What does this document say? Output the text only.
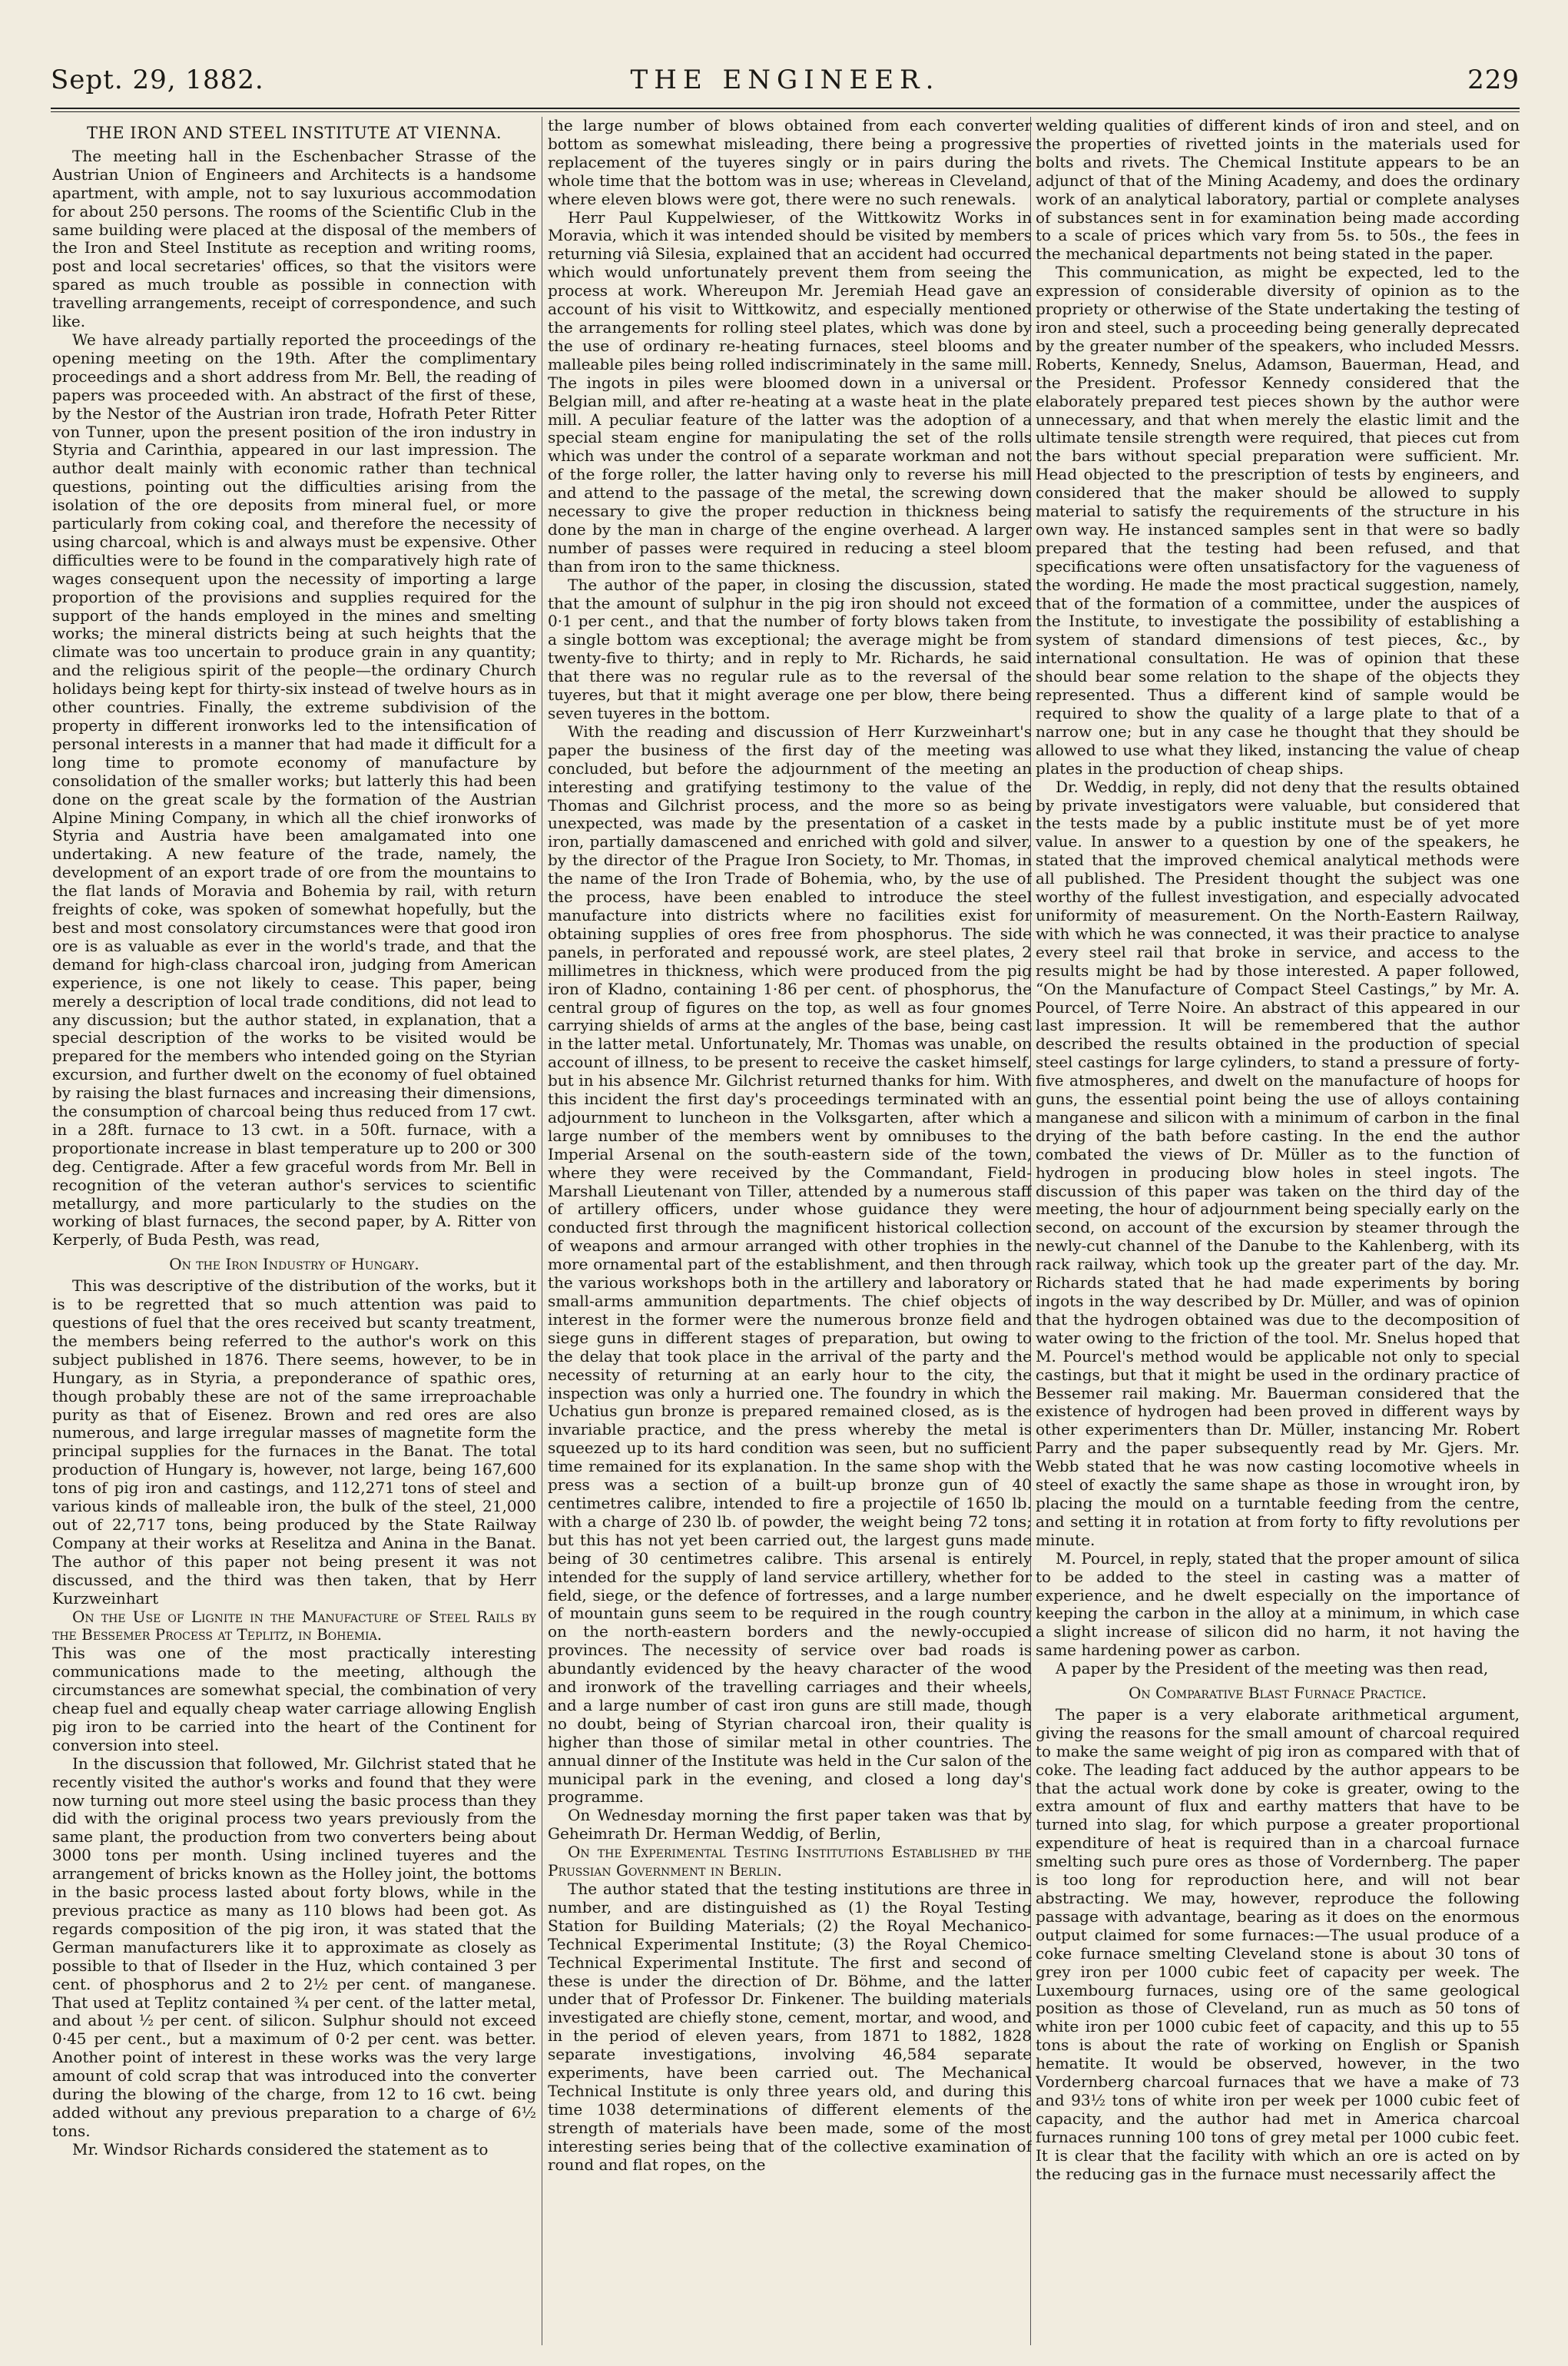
Sept. 29, 1882.	THE ENGINEER.	229
THE IRON AND STEEL INSTITUTE AT VIENNA.

The meeting hall in the Eschenbacher Strasse of the Austrian Union of Engineers and Architects is a handsome apartment, with ample, not to say luxurious accommodation for about 250 persons. The rooms of the Scientific Club in the same building were placed at the disposal of the members of the Iron and Steel Institute as reception and writing rooms, post and local secretaries' offices, so that the visitors were spared as much trouble as possible in connection with travelling arrangements, receipt of correspondence, and such like.

We have already partially reported the proceedings of the opening meeting on the 19th. After the complimentary proceedings and a short address from Mr. Bell, the reading of papers was proceeded with. An abstract of the first of these, by the Nestor of the Austrian iron trade, Hofrath Peter Ritter von Tunner, upon the present position of the iron industry in Styria and Carinthia, appeared in our last impression. The author dealt mainly with economic rather than technical questions, pointing out the difficulties arising from the isolation of the ore deposits from mineral fuel, or more particularly from coking coal, and therefore the necessity of using charcoal, which is and always must be expensive. Other difficulties were to be found in the comparatively high rate of wages consequent upon the necessity of importing a large proportion of the provisions and supplies required for the support of the hands employed in the mines and smelting works; the mineral districts being at such heights that the climate was too uncertain to produce grain in any quantity; and the religious spirit of the people—the ordinary Church holidays being kept for thirty-six instead of twelve hours as in other countries. Finally, the extreme subdivision of the property in different ironworks led to the intensification of personal interests in a manner that had made it difficult for a long time to promote economy of manufacture by consolidation of the smaller works; but latterly this had been done on the great scale by the formation of the Austrian Alpine Mining Company, in which all the chief ironworks of Styria and Austria have been amalgamated into one undertaking. A new feature of the trade, namely, the development of an export trade of ore from the mountains to the flat lands of Moravia and Bohemia by rail, with return freights of coke, was spoken of somewhat hopefully, but the best and most consolatory circumstances were that good iron ore is as valuable as ever in the world's trade, and that the demand for high-class charcoal iron, judging from American experience, is one not likely to cease. This paper, being merely a description of local trade conditions, did not lead to any discussion; but the author stated, in explanation, that a special description of the works to be visited would be prepared for the members who intended going on the Styrian excursion, and further dwelt on the economy of fuel obtained by raising the blast furnaces and increasing their dimensions, the consumption of charcoal being thus reduced from 17 cwt. in a 28ft. furnace to 13 cwt. in a 50ft. furnace, with a proportionate increase in blast temperature up to 200 or 300 deg. Centigrade. After a few graceful words from Mr. Bell in recognition of the veteran author's services to scientific metallurgy, and more particularly to the studies on the working of blast furnaces, the second paper, by A. Ritter von Kerperly, of Buda Pesth, was read,

On the Iron Industry of Hungary.

This was descriptive of the distribution of the works, but it is to be regretted that so much attention was paid to questions of fuel that the ores received but scanty treatment, the members being referred to the author's work on this subject published in 1876. There seems, however, to be in Hungary, as in Styria, a preponderance of spathic ores, though probably these are not of the same irreproachable purity as that of Eisenez. Brown and red ores are also numerous, and large irregular masses of magnetite form the principal supplies for the furnaces in the Banat. The total production of Hungary is, however, not large, being 167,600 tons of pig iron and castings, and 112,271 tons of steel and various kinds of malleable iron, the bulk of the steel, 21,000 out of 22,717 tons, being produced by the State Railway Company at their works at Reselitza and Anina in the Banat. The author of this paper not being present it was not discussed, and the third was then taken, that by Herr Kurzweinhart

On the Use of Lignite in the Manufacture of Steel Rails by the Bessemer Process at Teplitz, in Bohemia.

This was one of the most practically interesting communications made to the meeting, although the circumstances are somewhat special, the combination of very cheap fuel and equally cheap water carriage allowing English pig iron to be carried into the heart of the Continent for conversion into steel.

In the discussion that followed, Mr. Gilchrist stated that he recently visited the author's works and found that they were now turning out more steel using the basic process than they did with the original process two years previously from the same plant, the production from two converters being about 3000 tons per month. Using inclined tuyeres and the arrangement of bricks known as the Holley joint, the bottoms in the basic process lasted about forty blows, while in the previous practice as many as 110 blows had been got. As regards composition of the pig iron, it was stated that the German manufacturers like it to approximate as closely as possible to that of Ilseder in the Huz, which contained 3 per cent. of phosphorus and 2 to 2½ per cent. of manganese. That used at Teplitz contained ¾ per cent. of the latter metal, and about ½ per cent. of silicon. Sulphur should not exceed 0·45 per cent., but a maximum of 0·2 per cent. was better. Another point of interest in these works was the very large amount of cold scrap that was introduced into the converter during the blowing of the charge, from 12 to 16 cwt. being added without any previous preparation to a charge of 6½ tons.

Mr. Windsor Richards considered the statement as to

the large number of blows obtained from each converter bottom as somewhat misleading, there being a progressive replacement of the tuyeres singly or in pairs during the whole time that the bottom was in use; whereas in Cleveland, where eleven blows were got, there were no such renewals.

Herr Paul Kuppelwieser, of the Wittkowitz Works in Moravia, which it was intended should be visited by members returning viâ Silesia, explained that an accident had occurred which would unfortunately prevent them from seeing the process at work. Whereupon Mr. Jeremiah Head gave an account of his visit to Wittkowitz, and especially mentioned the arrangements for rolling steel plates, which was done by the use of ordinary re-heating furnaces, steel blooms and malleable piles being rolled indiscriminately in the same mill. The ingots in piles were bloomed down in a universal or Belgian mill, and after re-heating at a waste heat in the plate mill. A peculiar feature of the latter was the adoption of a special steam engine for manipulating the set of the rolls which was under the control of a separate workman and not of the forge roller, the latter having only to reverse his mill and attend to the passage of the metal, the screwing down necessary to give the proper reduction in thickness being done by the man in charge of the engine overhead. A larger number of passes were required in reducing a steel bloom than from iron to the same thickness.

The author of the paper, in closing the discussion, stated that the amount of sulphur in the pig iron should not exceed 0·1 per cent., and that the number of forty blows taken from a single bottom was exceptional; the average might be from twenty-five to thirty; and in reply to Mr. Richards, he said that there was no regular rule as to the reversal of the tuyeres, but that it might average one per blow, there being seven tuyeres in the bottom.

With the reading and discussion of Herr Kurzweinhart's paper the business of the first day of the meeting was concluded, but before the adjournment of the meeting an interesting and gratifying testimony to the value of the Thomas and Gilchrist process, and the more so as being unexpected, was made by the presentation of a casket in iron, partially damascened and enriched with gold and silver, by the director of the Prague Iron Society, to Mr. Thomas, in the name of the Iron Trade of Bohemia, who, by the use of the process, have been enabled to introduce the steel manufacture into districts where no facilities exist for obtaining supplies of ores free from phosphorus. The side panels, in perforated and repoussé work, are steel plates, 2 millimetres in thickness, which were produced from the pig iron of Kladno, containing 1·86 per cent. of phosphorus, the central group of figures on the top, as well as four gnomes carrying shields of arms at the angles of the base, being cast in the latter metal. Unfortunately, Mr. Thomas was unable, on account of illness, to be present to receive the casket himself, but in his absence Mr. Gilchrist returned thanks for him. With this incident the first day's proceedings terminated with an adjournment to luncheon in the Volksgarten, after which a large number of the members went by omnibuses to the Imperial Arsenal on the south-eastern side of the town, where they were received by the Commandant, Field-Marshall Lieutenant von Tiller, attended by a numerous staff of artillery officers, under whose guidance they were conducted first through the magnificent historical collection of weapons and armour arranged with other trophies in the more ornamental part of the establishment, and then through the various workshops both in the artillery and laboratory or small-arms ammunition departments. The chief objects of interest in the former were the numerous bronze field and siege guns in different stages of preparation, but owing to the delay that took place in the arrival of the party and the necessity of returning at an early hour to the city, the inspection was only a hurried one. The foundry in which the Uchatius gun bronze is prepared remained closed, as is the invariable practice, and the press whereby the metal is squeezed up to its hard condition was seen, but no sufficient time remained for its explanation. In the same shop with the press was a section of a built-up bronze gun of 40 centimetres calibre, intended to fire a projectile of 1650 lb. with a charge of 230 lb. of powder, the weight being 72 tons; but this has not yet been carried out, the largest guns made being of 30 centimetres calibre. This arsenal is entirely intended for the supply of land service artillery, whether for field, siege, or the defence of fortresses, and a large number of mountain guns seem to be required in the rough country on the north-eastern borders and the newly-occupied provinces. The necessity of service over bad roads is abundantly evidenced by the heavy character of the wood and ironwork of the travelling carriages and their wheels, and a large number of cast iron guns are still made, though no doubt, being of Styrian charcoal iron, their quality is higher than those of similar metal in other countries. The annual dinner of the Institute was held in the Cur salon of the municipal park in the evening, and closed a long day's programme.

On Wednesday morning the first paper taken was that by Geheimrath Dr. Herman Weddig, of Berlin,

On the Experimental Testing Institutions Established by the Prussian Government in Berlin.

The author stated that the testing institutions are three in number, and are distinguished as (1) the Royal Testing Station for Building Materials; (2) the Royal Mechanico-Technical Experimental Institute; (3) the Royal Chemico-Technical Experimental Institute. The first and second of these is under the direction of Dr. Böhme, and the latter under that of Professor Dr. Finkener. The building materials investigated are chiefly stone, cement, mortar, and wood, and in the period of eleven years, from 1871 to 1882, 1828 separate investigations, involving 46,584 separate experiments, have been carried out. The Mechanical Technical Institute is only three years old, and during this time 1038 determinations of different elements of the strength of materials have been made, some of the most interesting series being that of the collective examination of round and flat ropes, on the

welding qualities of different kinds of iron and steel, and on the properties of rivetted joints in the materials used for bolts and rivets. The Chemical Institute appears to be an adjunct of that of the Mining Academy, and does the ordinary work of an analytical laboratory, partial or complete analyses of substances sent in for examination being made according to a scale of prices which vary from 5s. to 50s., the fees in the mechanical departments not being stated in the paper.

This communication, as might be expected, led to the expression of considerable diversity of opinion as to the propriety or otherwise of the State undertaking the testing of iron and steel, such a proceeding being generally deprecated by the greater number of the speakers, who included Messrs. Roberts, Kennedy, Snelus, Adamson, Bauerman, Head, and the President. Professor Kennedy considered that the elaborately prepared test pieces shown by the author were unnecessary, and that when merely the elastic limit and the ultimate tensile strength were required, that pieces cut from the bars without special preparation were sufficient. Mr. Head objected to the prescription of tests by engineers, and considered that the maker should be allowed to supply material to satisfy the requirements of the structure in his own way. He instanced samples sent in that were so badly prepared that the testing had been refused, and that specifications were often unsatisfactory for the vagueness of the wording. He made the most practical suggestion, namely, that of the formation of a committee, under the auspices of the Institute, to investigate the possibility of establishing a system of standard dimensions of test pieces, &c., by international consultation. He was of opinion that these should bear some relation to the shape of the objects they represented. Thus a different kind of sample would be required to show the quality of a large plate to that of a narrow one; but in any case he thought that they should be allowed to use what they liked, instancing the value of cheap plates in the production of cheap ships.

Dr. Weddig, in reply, did not deny that the results obtained by private investigators were valuable, but considered that the tests made by a public institute must be of yet more value. In answer to a question by one of the speakers, he stated that the improved chemical analytical methods were all published. The President thought the subject was one worthy of the fullest investigation, and especially advocated uniformity of measurement. On the North-Eastern Railway, with which he was connected, it was their practice to analyse every steel rail that broke in service, and access to the results might be had by those interested. A paper followed, “On the Manufacture of Compact Steel Castings,” by Mr. A. Pourcel, of Terre Noire. An abstract of this appeared in our last impression. It will be remembered that the author described the results obtained in the production of special steel castings for large cylinders, to stand a pressure of forty-five atmospheres, and dwelt on the manufacture of hoops for guns, the essential point being the use of alloys containing manganese and silicon with a minimum of carbon in the final drying of the bath before casting. In the end the author combated the views of Dr. Müller as to the function of hydrogen in producing blow holes in steel ingots. The discussion of this paper was taken on the third day of the meeting, the hour of adjournment being specially early on the second, on account of the excursion by steamer through the newly-cut channel of the Danube to the Kahlenberg, with its rack railway, which took up the greater part of the day. Mr. Richards stated that he had made experiments by boring ingots in the way described by Dr. Müller, and was of opinion that the hydrogen obtained was due to the decomposition of water owing to the friction of the tool. Mr. Snelus hoped that M. Pourcel's method would be applicable not only to special castings, but that it might be used in the ordinary practice of Bessemer rail making. Mr. Bauerman considered that the existence of hydrogen had been proved in different ways by other experimenters than Dr. Müller, instancing Mr. Robert Parry and the paper subsequently read by Mr. Gjers. Mr. Webb stated that he was now casting locomotive wheels in steel of exactly the same shape as those in wrought iron, by placing the mould on a turntable feeding from the centre, and setting it in rotation at from forty to fifty revolutions per minute.

M. Pourcel, in reply, stated that the proper amount of silica to be added to the steel in casting was a matter of experience, and he dwelt especially on the importance of keeping the carbon in the alloy at a minimum, in which case a slight increase of silicon did no harm, it not having the same hardening power as carbon.

A paper by the President of the meeting was then read,

On Comparative Blast Furnace Practice.

The paper is a very elaborate arithmetical argument, giving the reasons for the small amount of charcoal required to make the same weight of pig iron as compared with that of coke. The leading fact adduced by the author appears to be that the actual work done by coke is greater, owing to the extra amount of flux and earthy matters that have to be turned into slag, for which purpose a greater proportional expenditure of heat is required than in a charcoal furnace smelting such pure ores as those of Vordernberg. The paper is too long for reproduction here, and will not bear abstracting. We may, however, reproduce the following passage with advantage, bearing as it does on the enormous output claimed for some furnaces:—The usual produce of a coke furnace smelting Cleveland stone is about 30 tons of grey iron per 1000 cubic feet of capacity per week. The Luxembourg furnaces, using ore of the same geological position as those of Cleveland, run as much as 50 tons of white iron per 1000 cubic feet of capacity, and this up to 55 tons is about the rate of working on English or Spanish hematite. It would be observed, however, in the two Vordernberg charcoal furnaces that we have a make of 73 and 93½ tons of white iron per week per 1000 cubic feet of capacity, and the author had met in America charcoal furnaces running 100 tons of grey metal per 1000 cubic feet. It is clear that the facility with which an ore is acted on by the reducing gas in the furnace must necessarily affect the
